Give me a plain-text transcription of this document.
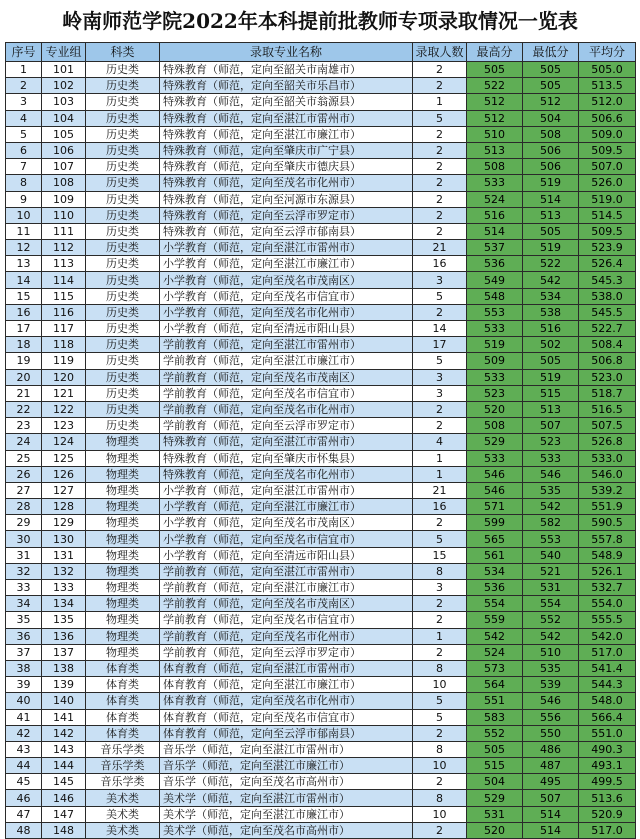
岭南师范学院2022年本科提前批教师专项录取情况一览表
序号	专业组	科类	录取专业名称	录取人数	最高分	最低分	平均分
1	101	历史类	特殊教育（师范，定向至韶关市南雄市）	2	505	505	505.0
2	102	历史类	特殊教育（师范，定向至韶关市乐昌市）	2	522	505	513.5
3	103	历史类	特殊教育（师范，定向至韶关市翁源县）	1	512	512	512.0
4	104	历史类	特殊教育（师范，定向至湛江市雷州市）	5	512	504	506.6
5	105	历史类	特殊教育（师范，定向至湛江市廉江市）	2	510	508	509.0
6	106	历史类	特殊教育（师范，定向至肇庆市广宁县）	2	513	506	509.5
7	107	历史类	特殊教育（师范，定向至肇庆市德庆县）	2	508	506	507.0
8	108	历史类	特殊教育（师范，定向至茂名市化州市）	2	533	519	526.0
9	109	历史类	特殊教育（师范，定向至河源市东源县）	2	524	514	519.0
10	110	历史类	特殊教育（师范，定向至云浮市罗定市）	2	516	513	514.5
11	111	历史类	特殊教育（师范，定向至云浮市郁南县）	2	514	505	509.5
12	112	历史类	小学教育（师范，定向至湛江市雷州市）	21	537	519	523.9
13	113	历史类	小学教育（师范，定向至湛江市廉江市）	16	536	522	526.4
14	114	历史类	小学教育（师范，定向至茂名市茂南区）	3	549	542	545.3
15	115	历史类	小学教育（师范，定向至茂名市信宜市）	5	548	534	538.0
16	116	历史类	小学教育（师范，定向至茂名市化州市）	2	553	538	545.5
17	117	历史类	小学教育（师范，定向至清远市阳山县）	14	533	516	522.7
18	118	历史类	学前教育（师范，定向至湛江市雷州市）	17	519	502	508.4
19	119	历史类	学前教育（师范，定向至湛江市廉江市）	5	509	505	506.8
20	120	历史类	学前教育（师范，定向至茂名市茂南区）	3	533	519	523.0
21	121	历史类	学前教育（师范，定向至茂名市信宜市）	3	523	515	518.7
22	122	历史类	学前教育（师范，定向至茂名市化州市）	2	520	513	516.5
23	123	历史类	学前教育（师范，定向至云浮市罗定市）	2	508	507	507.5
24	124	物理类	特殊教育（师范，定向至湛江市雷州市）	4	529	523	526.8
25	125	物理类	特殊教育（师范，定向至肇庆市怀集县）	1	533	533	533.0
26	126	物理类	特殊教育（师范，定向至茂名市化州市）	1	546	546	546.0
27	127	物理类	小学教育（师范，定向至湛江市雷州市）	21	546	535	539.2
28	128	物理类	小学教育（师范，定向至湛江市廉江市）	16	571	542	551.9
29	129	物理类	小学教育（师范，定向至茂名市茂南区）	2	599	582	590.5
30	130	物理类	小学教育（师范，定向至茂名市信宜市）	5	565	553	557.8
31	131	物理类	小学教育（师范，定向至清远市阳山县）	15	561	540	548.9
32	132	物理类	学前教育（师范，定向至湛江市雷州市）	8	534	521	526.1
33	133	物理类	学前教育（师范，定向至湛江市廉江市）	3	536	531	532.7
34	134	物理类	学前教育（师范，定向至茂名市茂南区）	2	554	554	554.0
35	135	物理类	学前教育（师范，定向至茂名市信宜市）	2	559	552	555.5
36	136	物理类	学前教育（师范，定向至茂名市化州市）	1	542	542	542.0
37	137	物理类	学前教育（师范，定向至云浮市罗定市）	2	524	510	517.0
38	138	体育类	体育教育（师范，定向至湛江市雷州市）	8	573	535	541.4
39	139	体育类	体育教育（师范，定向至湛江市廉江市）	10	564	539	544.3
40	140	体育类	体育教育（师范，定向至茂名市化州市）	5	551	546	548.0
41	141	体育类	体育教育（师范，定向至茂名市信宜市）	5	583	556	566.4
42	142	体育类	体育教育（师范，定向至云浮市郁南县）	2	552	550	551.0
43	143	音乐学类	音乐学（师范，定向至湛江市雷州市）	8	505	486	490.3
44	144	音乐学类	音乐学（师范，定向至湛江市廉江市）	10	515	487	493.1
45	145	音乐学类	音乐学（师范，定向至茂名市高州市）	2	504	495	499.5
46	146	美术类	美术学（师范，定向至湛江市雷州市）	8	529	507	513.6
47	147	美术类	美术学（师范，定向至湛江市廉江市）	10	531	514	520.9
48	148	美术类	美术学（师范，定向至茂名市高州市）	2	520	514	517.0
